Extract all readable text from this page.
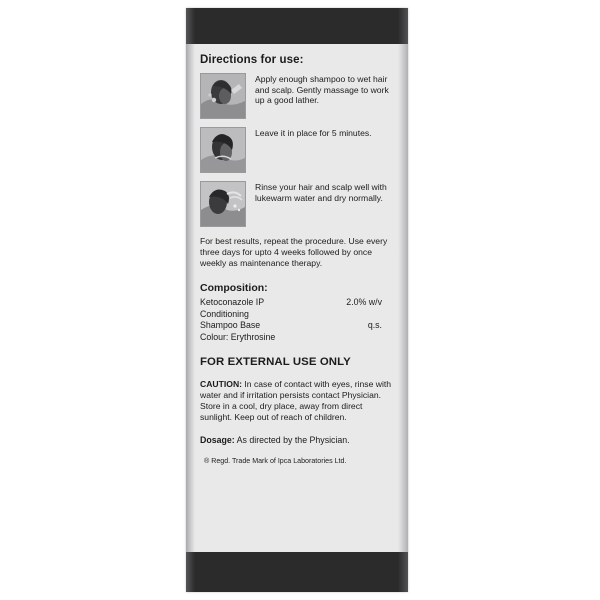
Directions for use:
Apply enough shampoo to wet hair and scalp. Gently massage to work up a good lather.
Leave it in place for 5 minutes.
Rinse your hair and scalp well with lukewarm water and dry normally.
For best results, repeat the procedure. Use every three days for upto 4 weeks followed by once weekly as maintenance therapy.
Composition:
Ketoconazole IP	2.0% w/v
Conditioning
Shampoo Base	q.s.
Colour: Erythrosine
FOR EXTERNAL USE ONLY
CAUTION: In case of contact with eyes, rinse with water and if irritation persists contact Physician. Store in a cool, dry place, away from direct sunlight. Keep out of reach of children.
Dosage: As directed by the Physician.
® Regd. Trade Mark of Ipca Laboratories Ltd.
